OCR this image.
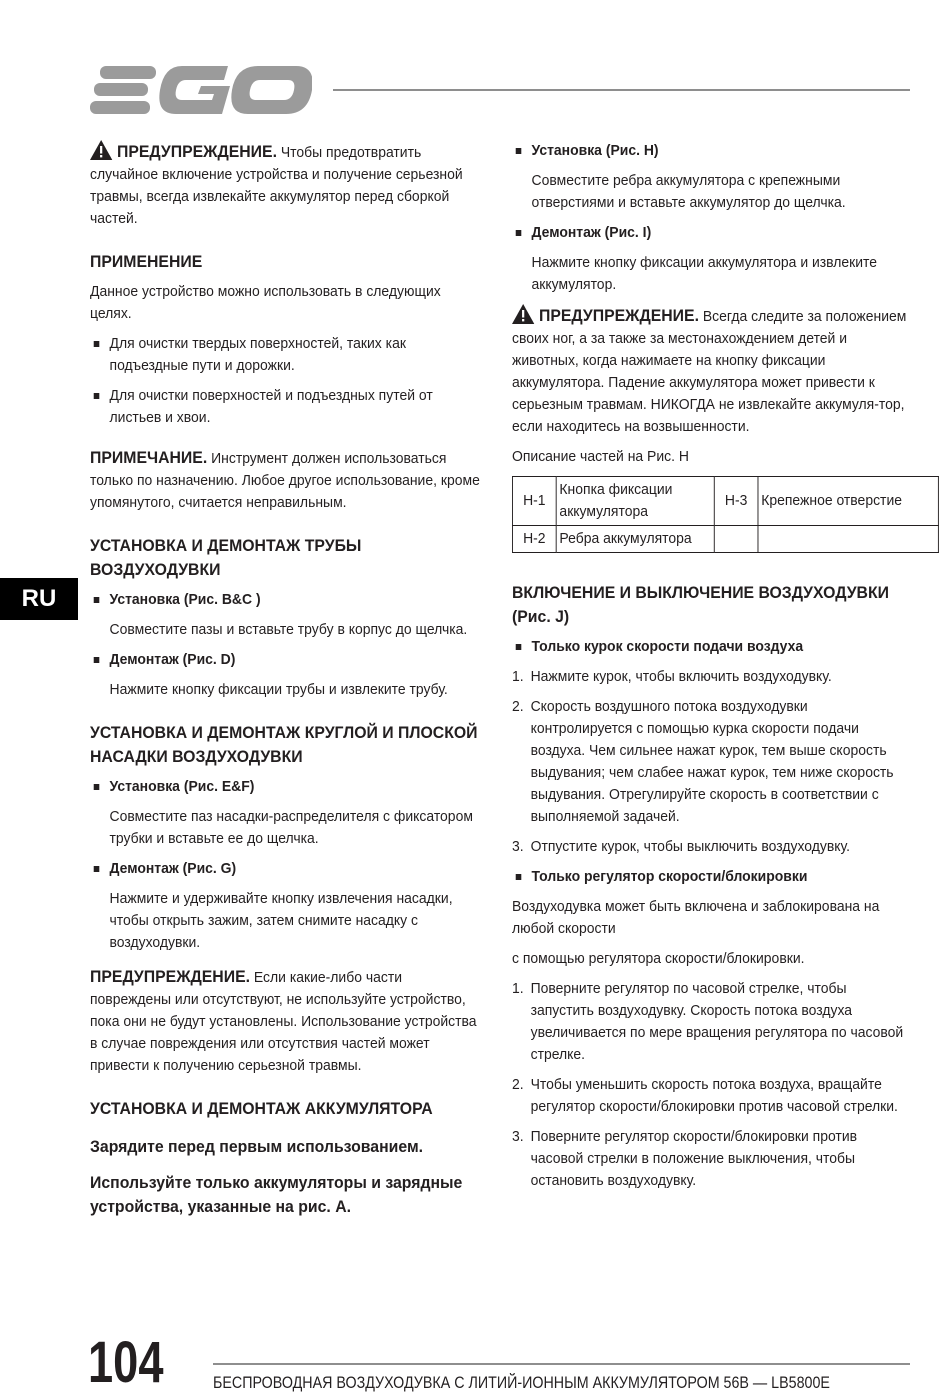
RU

ПРЕДУПРЕЖДЕНИЕ. Чтобы предотвратить случайное включение устройства и получение серьезной травмы, всегда извлекайте аккумулятор перед сборкой частей.

ПРИМЕНЕНИЕ

Данное устройство можно использовать в следующих целях.

Для очистки твердых поверхностей, таких как подъездные пути и дорожки.
Для очистки поверхностей и подъездных путей от листьев и хвои.

ПРИМЕЧАНИЕ. Инструмент должен использоваться только по назначению. Любое другое использование, кроме упомянутого, считается неправильным.

УСТАНОВКА И ДЕМОНТАЖ ТРУБЫ ВОЗДУХОДУВКИ
Установка (Рис. B&C )
Совместите пазы и вставьте трубу в корпус до щелчка.
Демонтаж (Рис. D)
Нажмите кнопку фиксации трубы и извлеките трубу.
УСТАНОВКА И ДЕМОНТАЖ КРУГЛОЙ И ПЛОСКОЙ НАСАДКИ ВОЗДУХОДУВКИ
Установка (Рис. E&F)
Совместите паз насадки-распределителя с фиксатором трубки и вставьте ее до щелчка.
Демонтаж (Рис. G)
Нажмите и удерживайте кнопку извлечения насадки, чтобы открыть зажим, затем снимите насадку с воздуходувки.

ПРЕДУПРЕЖДЕНИЕ. Если какие-либо части повреждены или отсутствуют, не используйте устройство, пока они не будут установлены. Использование устройства в случае повреждения или отсутствия частей может привести к получению серьезной травмы.

УСТАНОВКА И ДЕМОНТАЖ АККУМУЛЯТОРА
Зарядите перед первым использованием.
Используйте только аккумуляторы и зарядные устройства, указанные на рис. А.
Установка (Рис. H)
Совместите ребра аккумулятора с крепежными отверстиями и вставьте аккумулятор до щелчка.
Демонтаж (Рис. I)
Нажмите кнопку фиксации аккумулятора и извлеките аккумулятор.

ПРЕДУПРЕЖДЕНИЕ. Всегда следите за положением своих ног, а за также за местонахождением детей и животных, когда нажимаете на кнопку фиксации аккумулятора. Падение аккумулятора может привести к серьезным травмам. НИКОГДА не извлекайте аккумуля-тор, если находитесь на возвышенности.

Описание частей на Рис. H

H-1	Кнопка фиксации аккумулятора	H-3	Крепежное отверстие
H-2	Ребра аккумулятора		
ВКЛЮЧЕНИЕ И ВЫКЛЮЧЕНИЕ ВОЗДУХОДУВКИ (Рис. J)
Только курок скорости подачи воздуха
1. Нажмите курок, чтобы включить воздуходувку.
2. Скорость воздушного потока воздуходувки контролируется с помощью курка скорости подачи воздуха. Чем сильнее нажат курок, тем выше скорость выдувания; чем слабее нажат курок, тем ниже скорость выдувания. Отрегулируйте скорость в соответствии с выполняемой задачей.
3. Отпустите курок, чтобы выключить воздуходувку.
Только регулятор скорости/блокировки

Воздуходувка может быть включена и заблокирована на любой скорости

с помощью регулятора скорости/блокировки.

1. Поверните регулятор по часовой стрелке, чтобы запустить воздуходувку. Скорость потока воздуха увеличивается по мере вращения регулятора по часовой стрелке.
2. Чтобы уменьшить скорость потока воздуха, вращайте регулятор скорости/блокировки против часовой стрелки.
3. Поверните регулятор скорости/блокировки против часовой стрелки в положение выключения, чтобы остановить воздуходувку.
104	БЕСПРОВОДНАЯ ВОЗДУХОДУВКА С ЛИТИЙ-ИОННЫМ АККУМУЛЯТОРОМ 56В — LB5800E
